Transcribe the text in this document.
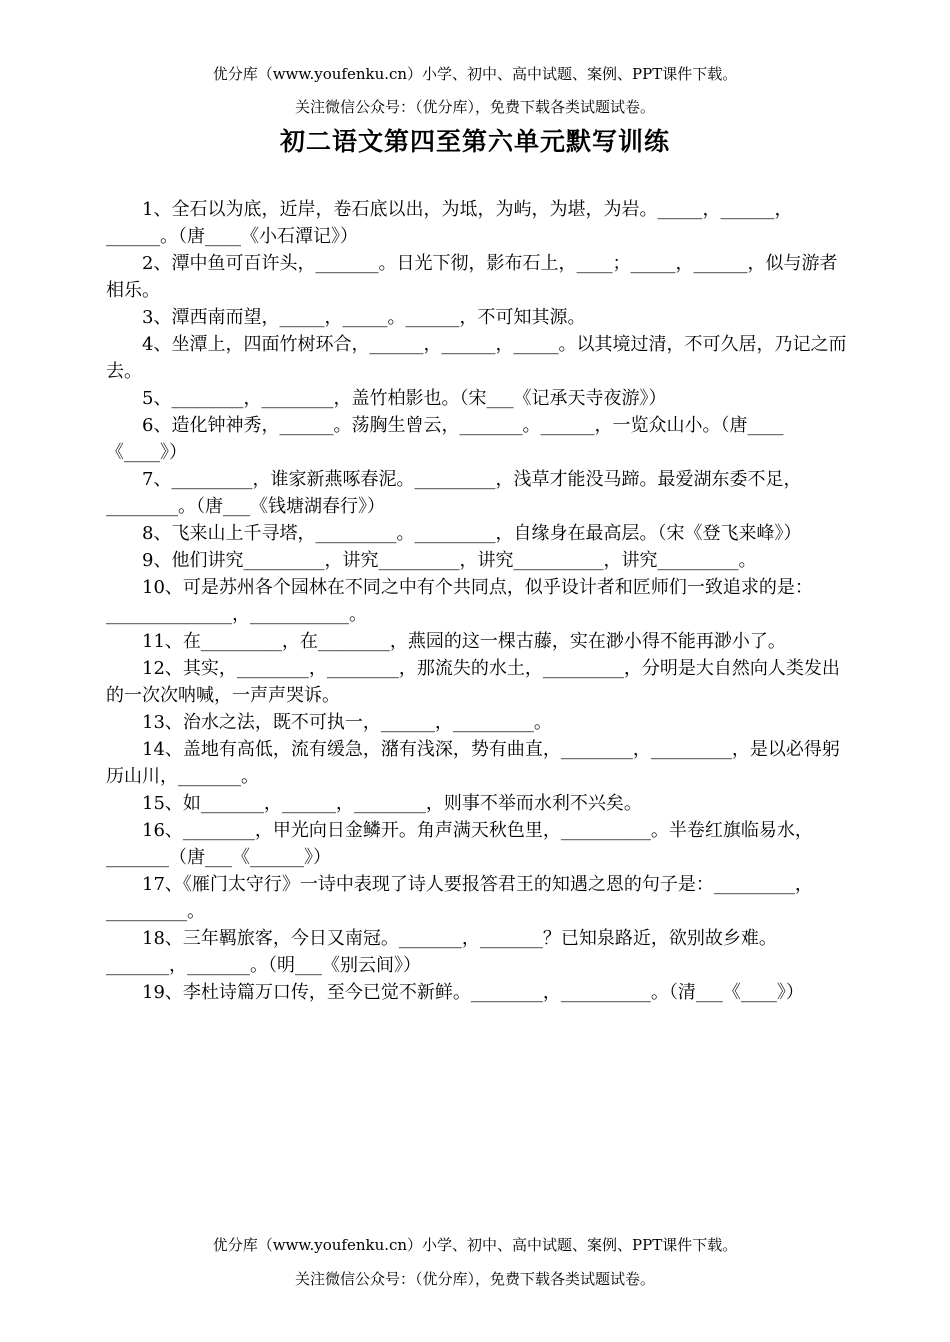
优分库（www.youfenku.cn）小学、初中、高中试题、案例、PPT课件下载。
关注微信公众号：（优分库），免费下载各类试题试卷。
初二语文第四至第六单元默写训练

1、全石以为底，近岸，卷石底以出，为坻，为屿，为堪，为岩。_____，______，______。（唐____《小石潭记》）

2、潭中鱼可百许头，_______。日光下彻，影布石上，____；_____，______，似与游者相乐。

3、潭西南而望，_____，_____。______，不可知其源。

4、坐潭上，四面竹树环合，______，______，_____。以其境过清，不可久居，乃记之而去。

5、________，________，盖竹柏影也。（宋___《记承天寺夜游》）

6、造化钟神秀，______。荡胸生曾云，_______。______，一览众山小。（唐____《____》）

7、_________，谁家新燕啄春泥。_________，浅草才能没马蹄。最爱湖东委不足，________。（唐___《钱塘湖春行》）

8、飞来山上千寻塔，_________。_________，自缘身在最高层。（宋《登飞来峰》）

9、他们讲究_________，讲究_________，讲究__________，讲究_________。

10、可是苏州各个园林在不同之中有个共同点，似乎设计者和匠师们一致追求的是：______________，___________。

11、在_________，在________，燕园的这一棵古藤，实在渺小得不能再渺小了。

12、其实，________，________，那流失的水土，_________，分明是大自然向人类发出的一次次呐喊，一声声哭诉。

13、治水之法，既不可执一，______，_________。

14、盖地有高低，流有缓急，潴有浅深，势有曲直，________，_________，是以必得躬历山川，_______。

15、如_______，______，________，则事不举而水利不兴矣。

16、________，甲光向日金鳞开。角声满天秋色里，__________。半卷红旗临易水，_______（唐___《______》）

17、《雁门太守行》一诗中表现了诗人要报答君王的知遇之恩的句子是：_________，_________。

18、三年羁旅客，今日又南冠。_______，_______？已知泉路近，欲别故乡难。_______，_______。（明___《别云间》）

19、李杜诗篇万口传，至今已觉不新鲜。________，__________。（清___《____》）

优分库（www.youfenku.cn）小学、初中、高中试题、案例、PPT课件下载。
关注微信公众号：（优分库），免费下载各类试题试卷。
